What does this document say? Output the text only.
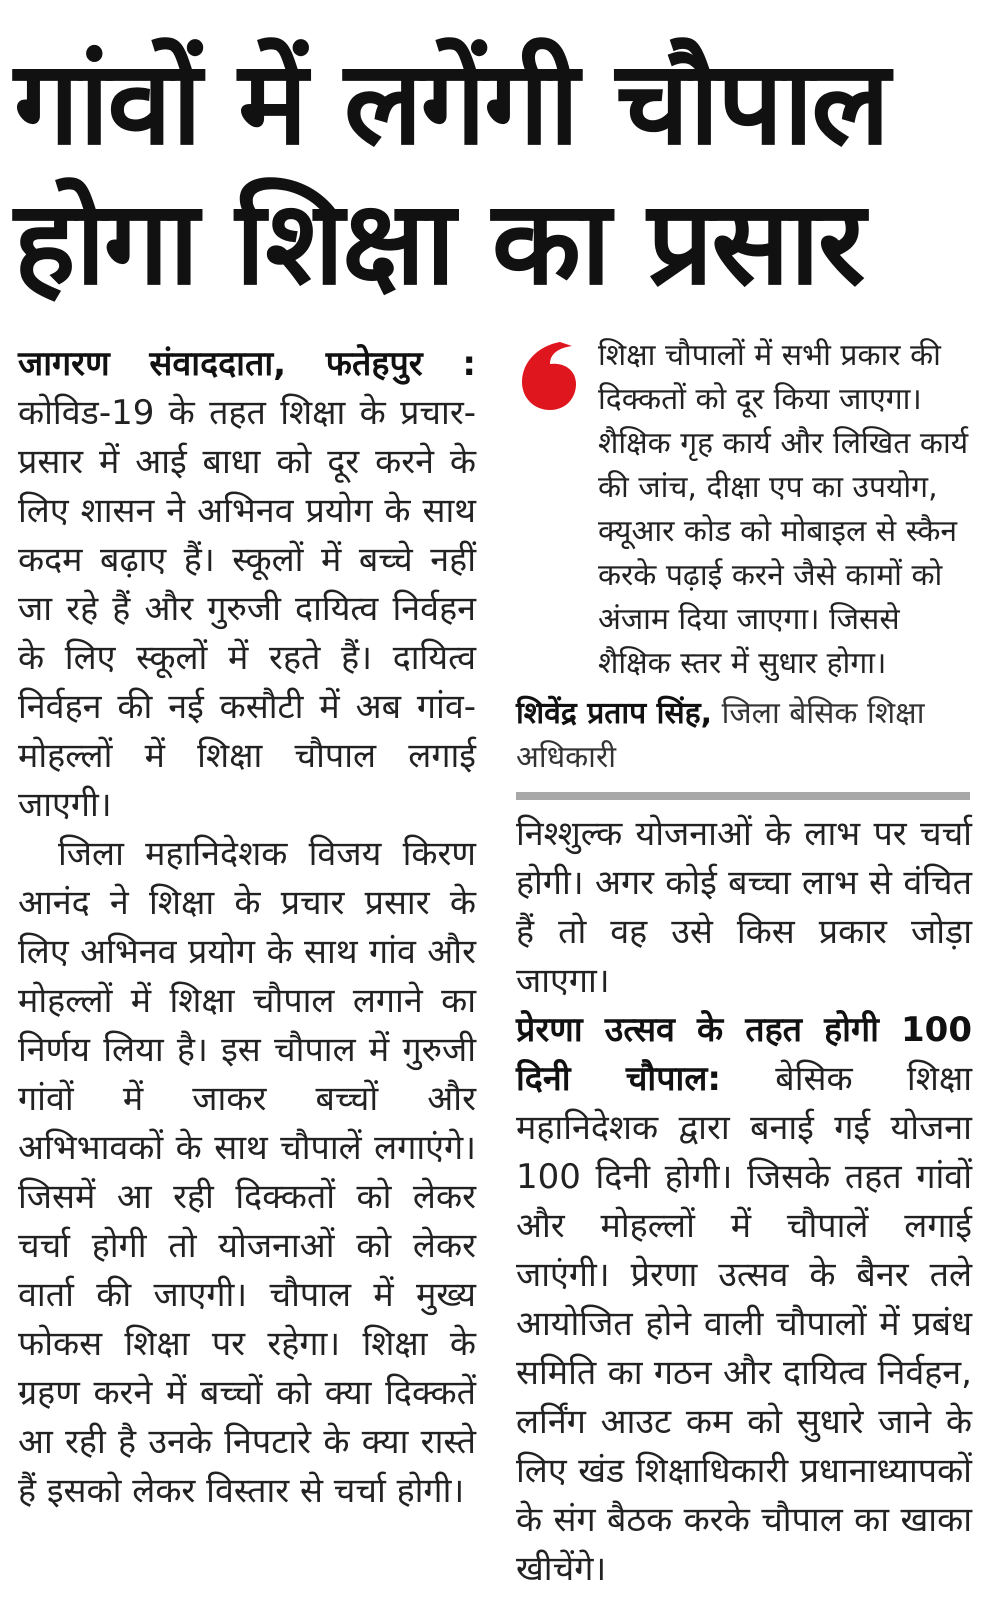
गांवों में लगेंगी चौपाल
होगा शिक्षा का प्रसार

जागरण संवाददाता, फतेहपुर : कोविड-19 के तहत शिक्षा के प्रचार-प्रसार में आई बाधा को दूर करने के लिए शासन ने अभिनव प्रयोग के साथ कदम बढ़ाए हैं। स्कूलों में बच्चे नहीं जा रहे हैं और गुरुजी दायित्व निर्वहन के लिए स्कूलों में रहते हैं। दायित्व निर्वहन की नई कसौटी में अब गांव-मोहल्लों में शिक्षा चौपाल लगाई जाएगी।

जिला महानिदेशक विजय किरण आनंद ने शिक्षा के प्रचार प्रसार के लिए अभिनव प्रयोग के साथ गांव और मोहल्लों में शिक्षा चौपाल लगाने का निर्णय लिया है। इस चौपाल में गुरुजी गांवों में जाकर बच्चों और अभिभावकों के साथ चौपालें लगाएंगे। जिसमें आ रही दिक्कतों को लेकर चर्चा होगी तो योजनाओं को लेकर वार्ता की जाएगी। चौपाल में मुख्य फोकस शिक्षा पर रहेगा। शिक्षा के ग्रहण करने में बच्चों को क्या दिक्कतें आ रही है उनके निपटारे के क्या रास्ते हैं इसको लेकर विस्तार से चर्चा होगी।

शिक्षा चौपालों में सभी प्रकार की दिक्कतों को दूर किया जाएगा। शैक्षिक गृह कार्य और लिखित कार्य की जांच, दीक्षा एप का उपयोग, क्यूआर कोड को मोबाइल से स्कैन करके पढ़ाई करने जैसे कामों को अंजाम दिया जाएगा। जिससे शैक्षिक स्तर में सुधार होगा।
शिवेंद्र प्रताप सिंह, जिला बेसिक शिक्षा अधिकारी

निश्शुल्क योजनाओं के लाभ पर चर्चा होगी। अगर कोई बच्चा लाभ से वंचित हैं तो वह उसे किस प्रकार जोड़ा जाएगा।

प्रेरणा उत्सव के तहत होगी 100 दिनी चौपाल: बेसिक शिक्षा महानिदेशक द्वारा बनाई गई योजना 100 दिनी होगी। जिसके तहत गांवों और मोहल्लों में चौपालें लगाई जाएंगी। प्रेरणा उत्सव के बैनर तले आयोजित होने वाली चौपालों में प्रबंध समिति का गठन और दायित्व निर्वहन, लर्निंग आउट कम को सुधारे जाने के लिए खंड शिक्षाधिकारी प्रधानाध्यापकों के संग बैठक करके चौपाल का खाका खीचेंगे।
